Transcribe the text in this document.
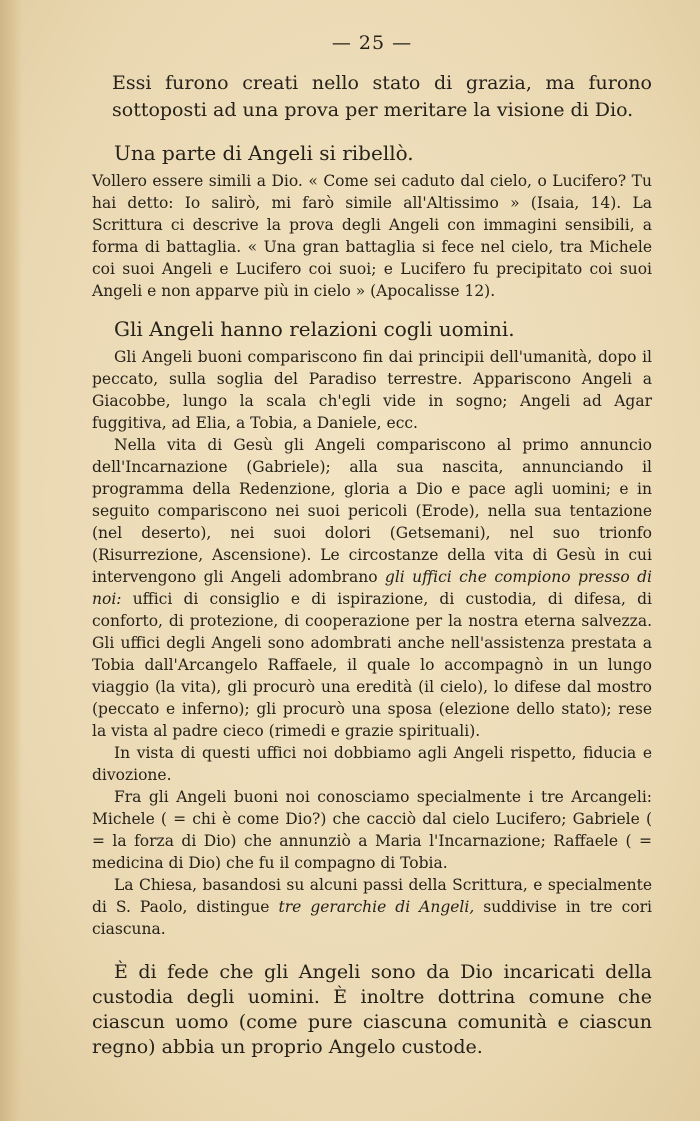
— 25 —

Essi furono creati nello stato di grazia, ma furono sottoposti ad una prova per meritare la visione di Dio.

Una parte di Angeli si ribellò.

Vollero essere simili a Dio. « Come sei caduto dal cielo, o Lucifero? Tu hai detto: Io salirò, mi farò simile all'Altissimo » (Isaia, 14). La Scrittura ci descrive la prova degli Angeli con immagini sensibili, a forma di battaglia. « Una gran battaglia si fece nel cielo, tra Michele coi suoi Angeli e Lucifero coi suoi; e Lucifero fu precipitato coi suoi Angeli e non apparve più in cielo » (Apocalisse 12).

Gli Angeli hanno relazioni cogli uomini.

Gli Angeli buoni compariscono fin dai principii dell'umanità, dopo il peccato, sulla soglia del Paradiso terrestre. Appariscono Angeli a Giacobbe, lungo la scala ch'egli vide in sogno; Angeli ad Agar fuggitiva, ad Elia, a Tobia, a Daniele, ecc.

Nella vita di Gesù gli Angeli compariscono al primo annuncio dell'Incarnazione (Gabriele); alla sua nascita, annunciando il programma della Redenzione, gloria a Dio e pace agli uomini; e in seguito compariscono nei suoi pericoli (Erode), nella sua tentazione (nel deserto), nei suoi dolori (Getsemani), nel suo trionfo (Risurrezione, Ascensione). Le circostanze della vita di Gesù in cui intervengono gli Angeli adombrano gli uffici che compiono presso di noi: uffici di consiglio e di ispirazione, di custodia, di difesa, di conforto, di protezione, di cooperazione per la nostra eterna salvezza. Gli uffici degli Angeli sono adombrati anche nell'assistenza prestata a Tobia dall'Arcangelo Raffaele, il quale lo accompagnò in un lungo viaggio (la vita), gli procurò una eredità (il cielo), lo difese dal mostro (peccato e inferno); gli procurò una sposa (elezione dello stato); rese la vista al padre cieco (rimedi e grazie spirituali).

In vista di questi uffici noi dobbiamo agli Angeli rispetto, fiducia e divozione.

Fra gli Angeli buoni noi conosciamo specialmente i tre Arcangeli: Michele ( = chi è come Dio?) che cacciò dal cielo Lucifero; Gabriele ( = la forza di Dio) che annunziò a Maria l'Incarnazione; Raffaele ( = medicina di Dio) che fu il compagno di Tobia.

La Chiesa, basandosi su alcuni passi della Scrittura, e specialmente di S. Paolo, distingue tre gerarchie di Angeli, suddivise in tre cori ciascuna.

È di fede che gli Angeli sono da Dio incaricati della custodia degli uomini. È inoltre dottrina comune che ciascun uomo (come pure ciascuna comunità e ciascun regno) abbia un proprio Angelo custode.
